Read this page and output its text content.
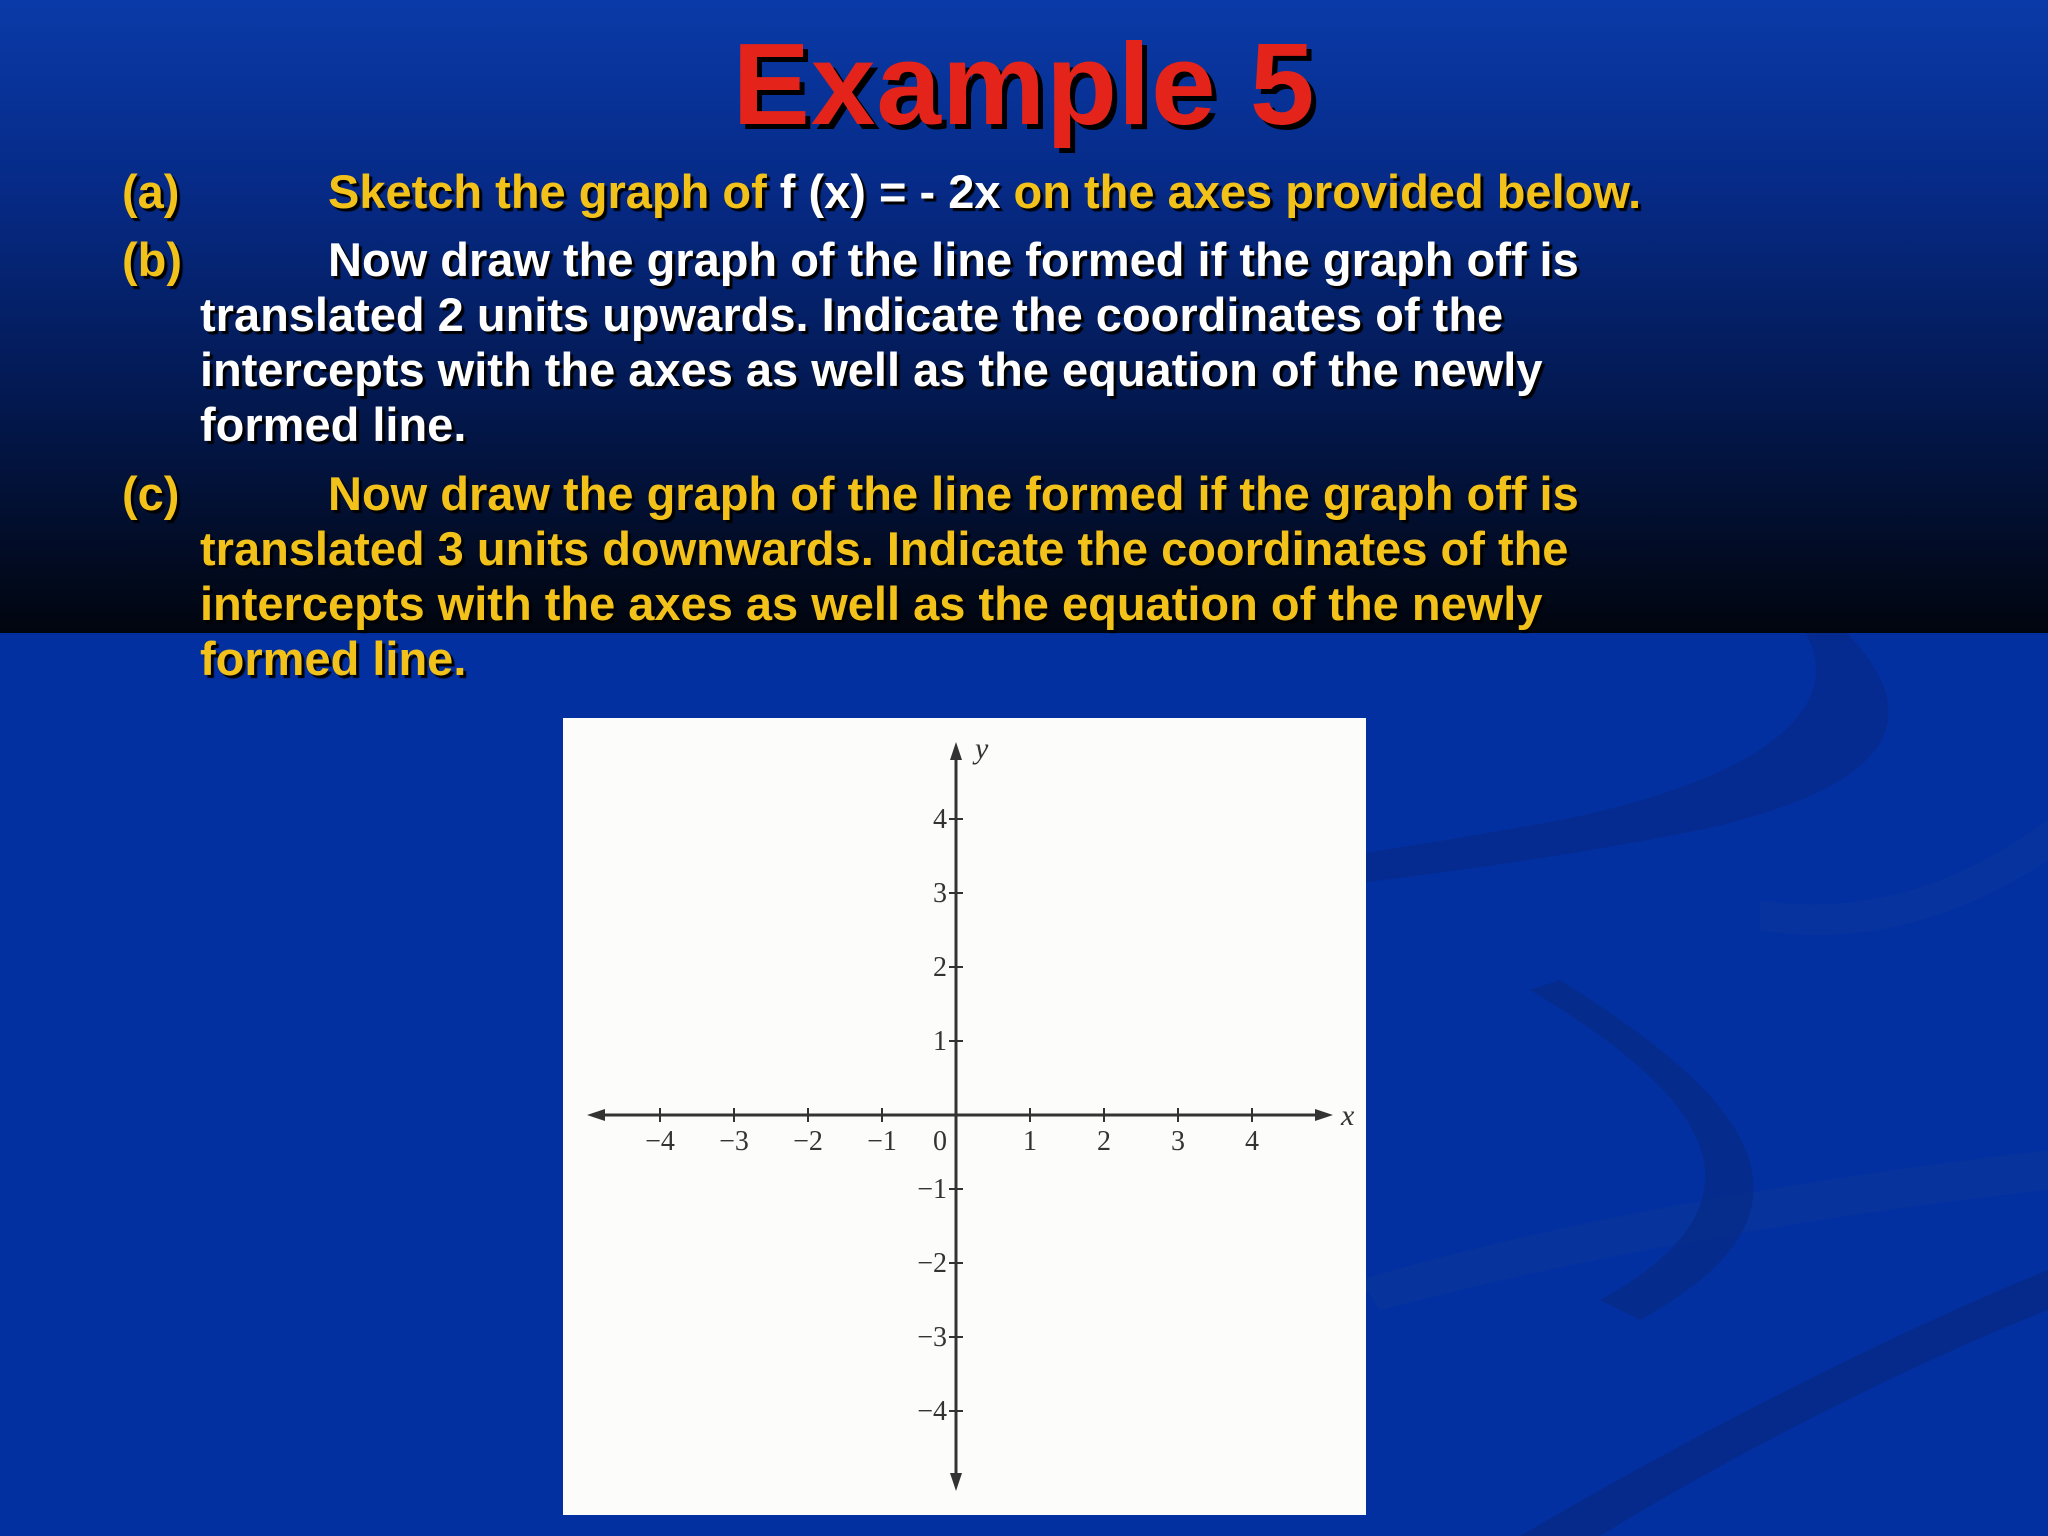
Example 5
(a)	Sketch the graph of f (x) = - 2x on the axes provided below.
(b)	Now draw the graph of the line formed if the graph off is
translated 2 units upwards. Indicate the coordinates of the
intercepts with the axes as well as the equation of the newly
formed line.
(c)	Now draw the graph of the line formed if the graph off is
translated 3 units downwards. Indicate the coordinates of the
intercepts with the axes as well as the equation of the newly
formed line.
x
y
−4 −3 −2 −1	1 2 3 4
0
4
3
2
1
−1
−2
−3
−4
